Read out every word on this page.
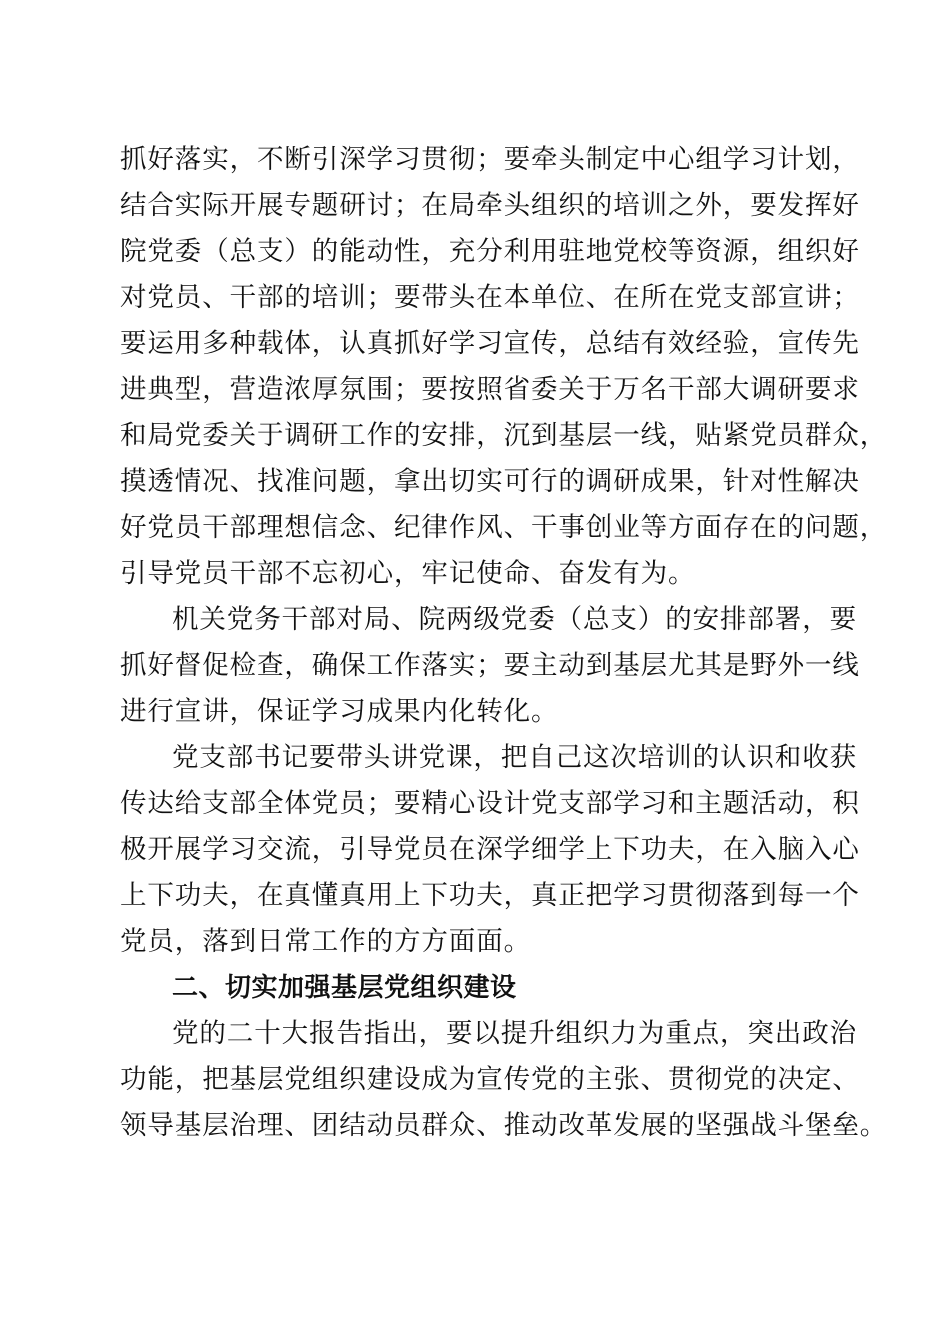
抓好落实，不断引深学习贯彻；要牵头制定中心组学习计划，
结合实际开展专题研讨；在局牵头组织的培训之外，要发挥好
院党委（总支）的能动性，充分利用驻地党校等资源，组织好
对党员、干部的培训；要带头在本单位、在所在党支部宣讲；
要运用多种载体，认真抓好学习宣传，总结有效经验，宣传先
进典型，营造浓厚氛围；要按照省委关于万名干部大调研要求
和局党委关于调研工作的安排，沉到基层一线，贴紧党员群众，
摸透情况、找准问题，拿出切实可行的调研成果，针对性解决
好党员干部理想信念、纪律作风、干事创业等方面存在的问题，
引导党员干部不忘初心，牢记使命、奋发有为。
机关党务干部对局、院两级党委（总支）的安排部署，要
抓好督促检查，确保工作落实；要主动到基层尤其是野外一线
进行宣讲，保证学习成果内化转化。
党支部书记要带头讲党课，把自己这次培训的认识和收获
传达给支部全体党员；要精心设计党支部学习和主题活动，积
极开展学习交流，引导党员在深学细学上下功夫，在入脑入心
上下功夫，在真懂真用上下功夫，真正把学习贯彻落到每一个
党员，落到日常工作的方方面面。
二、切实加强基层党组织建设
党的二十大报告指出，要以提升组织力为重点，突出政治
功能，把基层党组织建设成为宣传党的主张、贯彻党的决定、
领导基层治理、团结动员群众、推动改革发展的坚强战斗堡垒。
